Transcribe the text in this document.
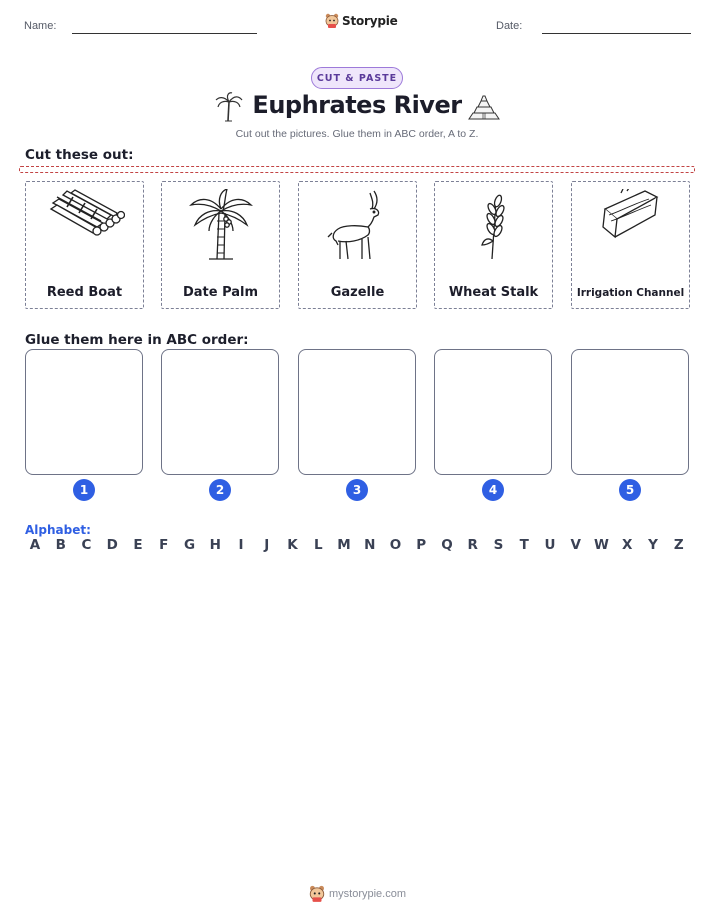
Name:	Storypie	Date:
CUT & PASTE
Euphrates River
Cut out the pictures. Glue them in ABC order, A to Z.
Cut these out:
Reed Boat	Date Palm	Gazelle	Wheat Stalk	Irrigation Channel
Glue them here in ABC order:
1	2	3	4	5
Alphabet:
A	B	C	D	E	F	G	H	I	J	K	L	M N	O	P	Q	R	S	T	U	V W X	Y	Z
mystorypie.com
